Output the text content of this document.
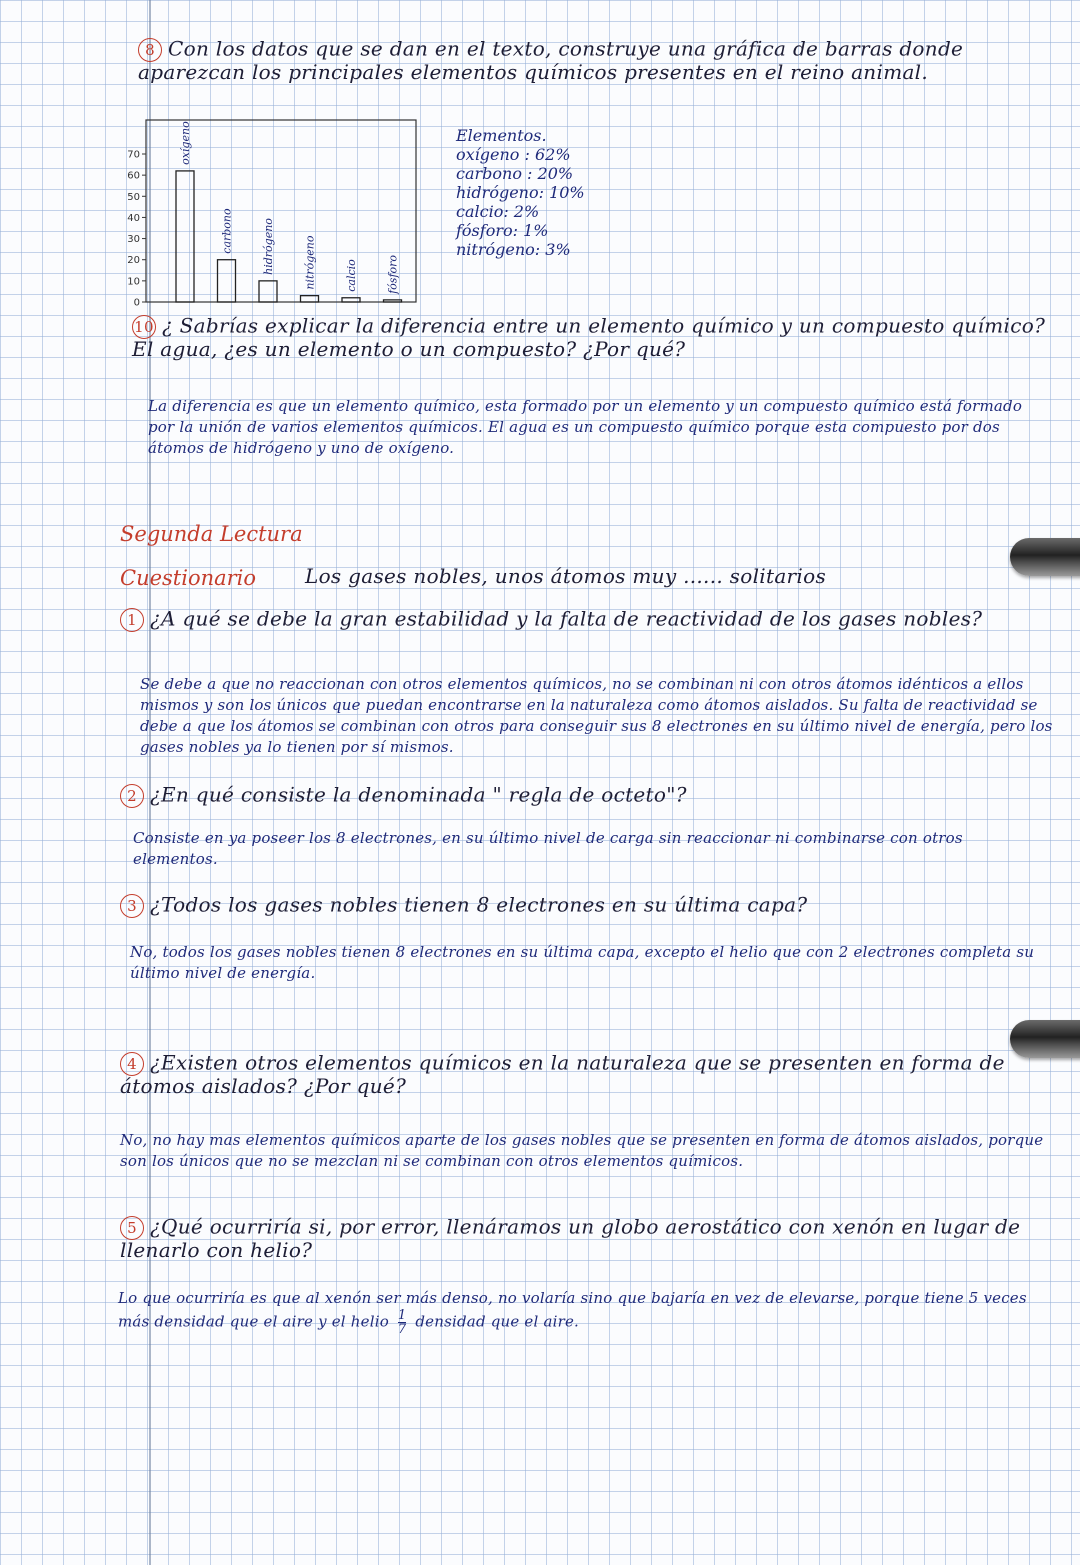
8 Con los datos que se dan en el texto, construye una gráfica de barras donde aparezcan los principales elementos químicos presentes en el reino animal.
70
60
50
40
30
20
10
0
oxígeno
carbono	hidrógeno	nitrógeno	calcio	fósforo
Elementos.
oxígeno : 62%
carbono : 20%
hidrógeno: 10%
calcio: 2%
fósforo: 1%
nitrógeno: 3%
10 ¿ Sabrías explicar la diferencia entre un elemento químico y un compuesto químico? El agua, ¿es un elemento o un compuesto? ¿Por qué?
La diferencia es que un elemento químico, esta formado por un elemento y un compuesto químico está formado por la unión de varios elementos químicos. El agua es un compuesto químico porque esta compuesto por dos átomos de hidrógeno y uno de oxígeno.
Segunda Lectura
Cuestionario Los gases nobles, unos átomos muy ...... solitarios
1 ¿A qué se debe la gran estabilidad y la falta de reactividad de los gases nobles?
Se debe a que no reaccionan con otros elementos químicos, no se combinan ni con otros átomos idénticos a ellos mismos y son los únicos que puedan encontrarse en la naturaleza como átomos aislados. Su falta de reactividad se debe a que los átomos se combinan con otros para conseguir sus 8 electrones en su último nivel de energía, pero los gases nobles ya lo tienen por sí mismos.
2 ¿En qué consiste la denominada " regla de octeto"?
Consiste en ya poseer los 8 electrones, en su último nivel de carga sin reaccionar ni combinarse con otros elementos.
3 ¿Todos los gases nobles tienen 8 electrones en su última capa?
No, todos los gases nobles tienen 8 electrones en su última capa, excepto el helio que con 2 electrones completa su último nivel de energía.
4 ¿Existen otros elementos químicos en la naturaleza que se presenten en forma de átomos aislados? ¿Por qué?
No, no hay mas elementos químicos aparte de los gases nobles que se presenten en forma de átomos aislados, porque son los únicos que no se mezclan ni se combinan con otros elementos químicos.
5 ¿Qué ocurriría si, por error, llenáramos un globo aerostático con xenón en lugar de llenarlo con helio?
Lo que ocurriría es que al xenón ser más denso, no volaría sino que bajaría en vez de elevarse, porque tiene 5 veces más densidad que el aire y el helio $\frac{1}{7}$ densidad que el aire.
